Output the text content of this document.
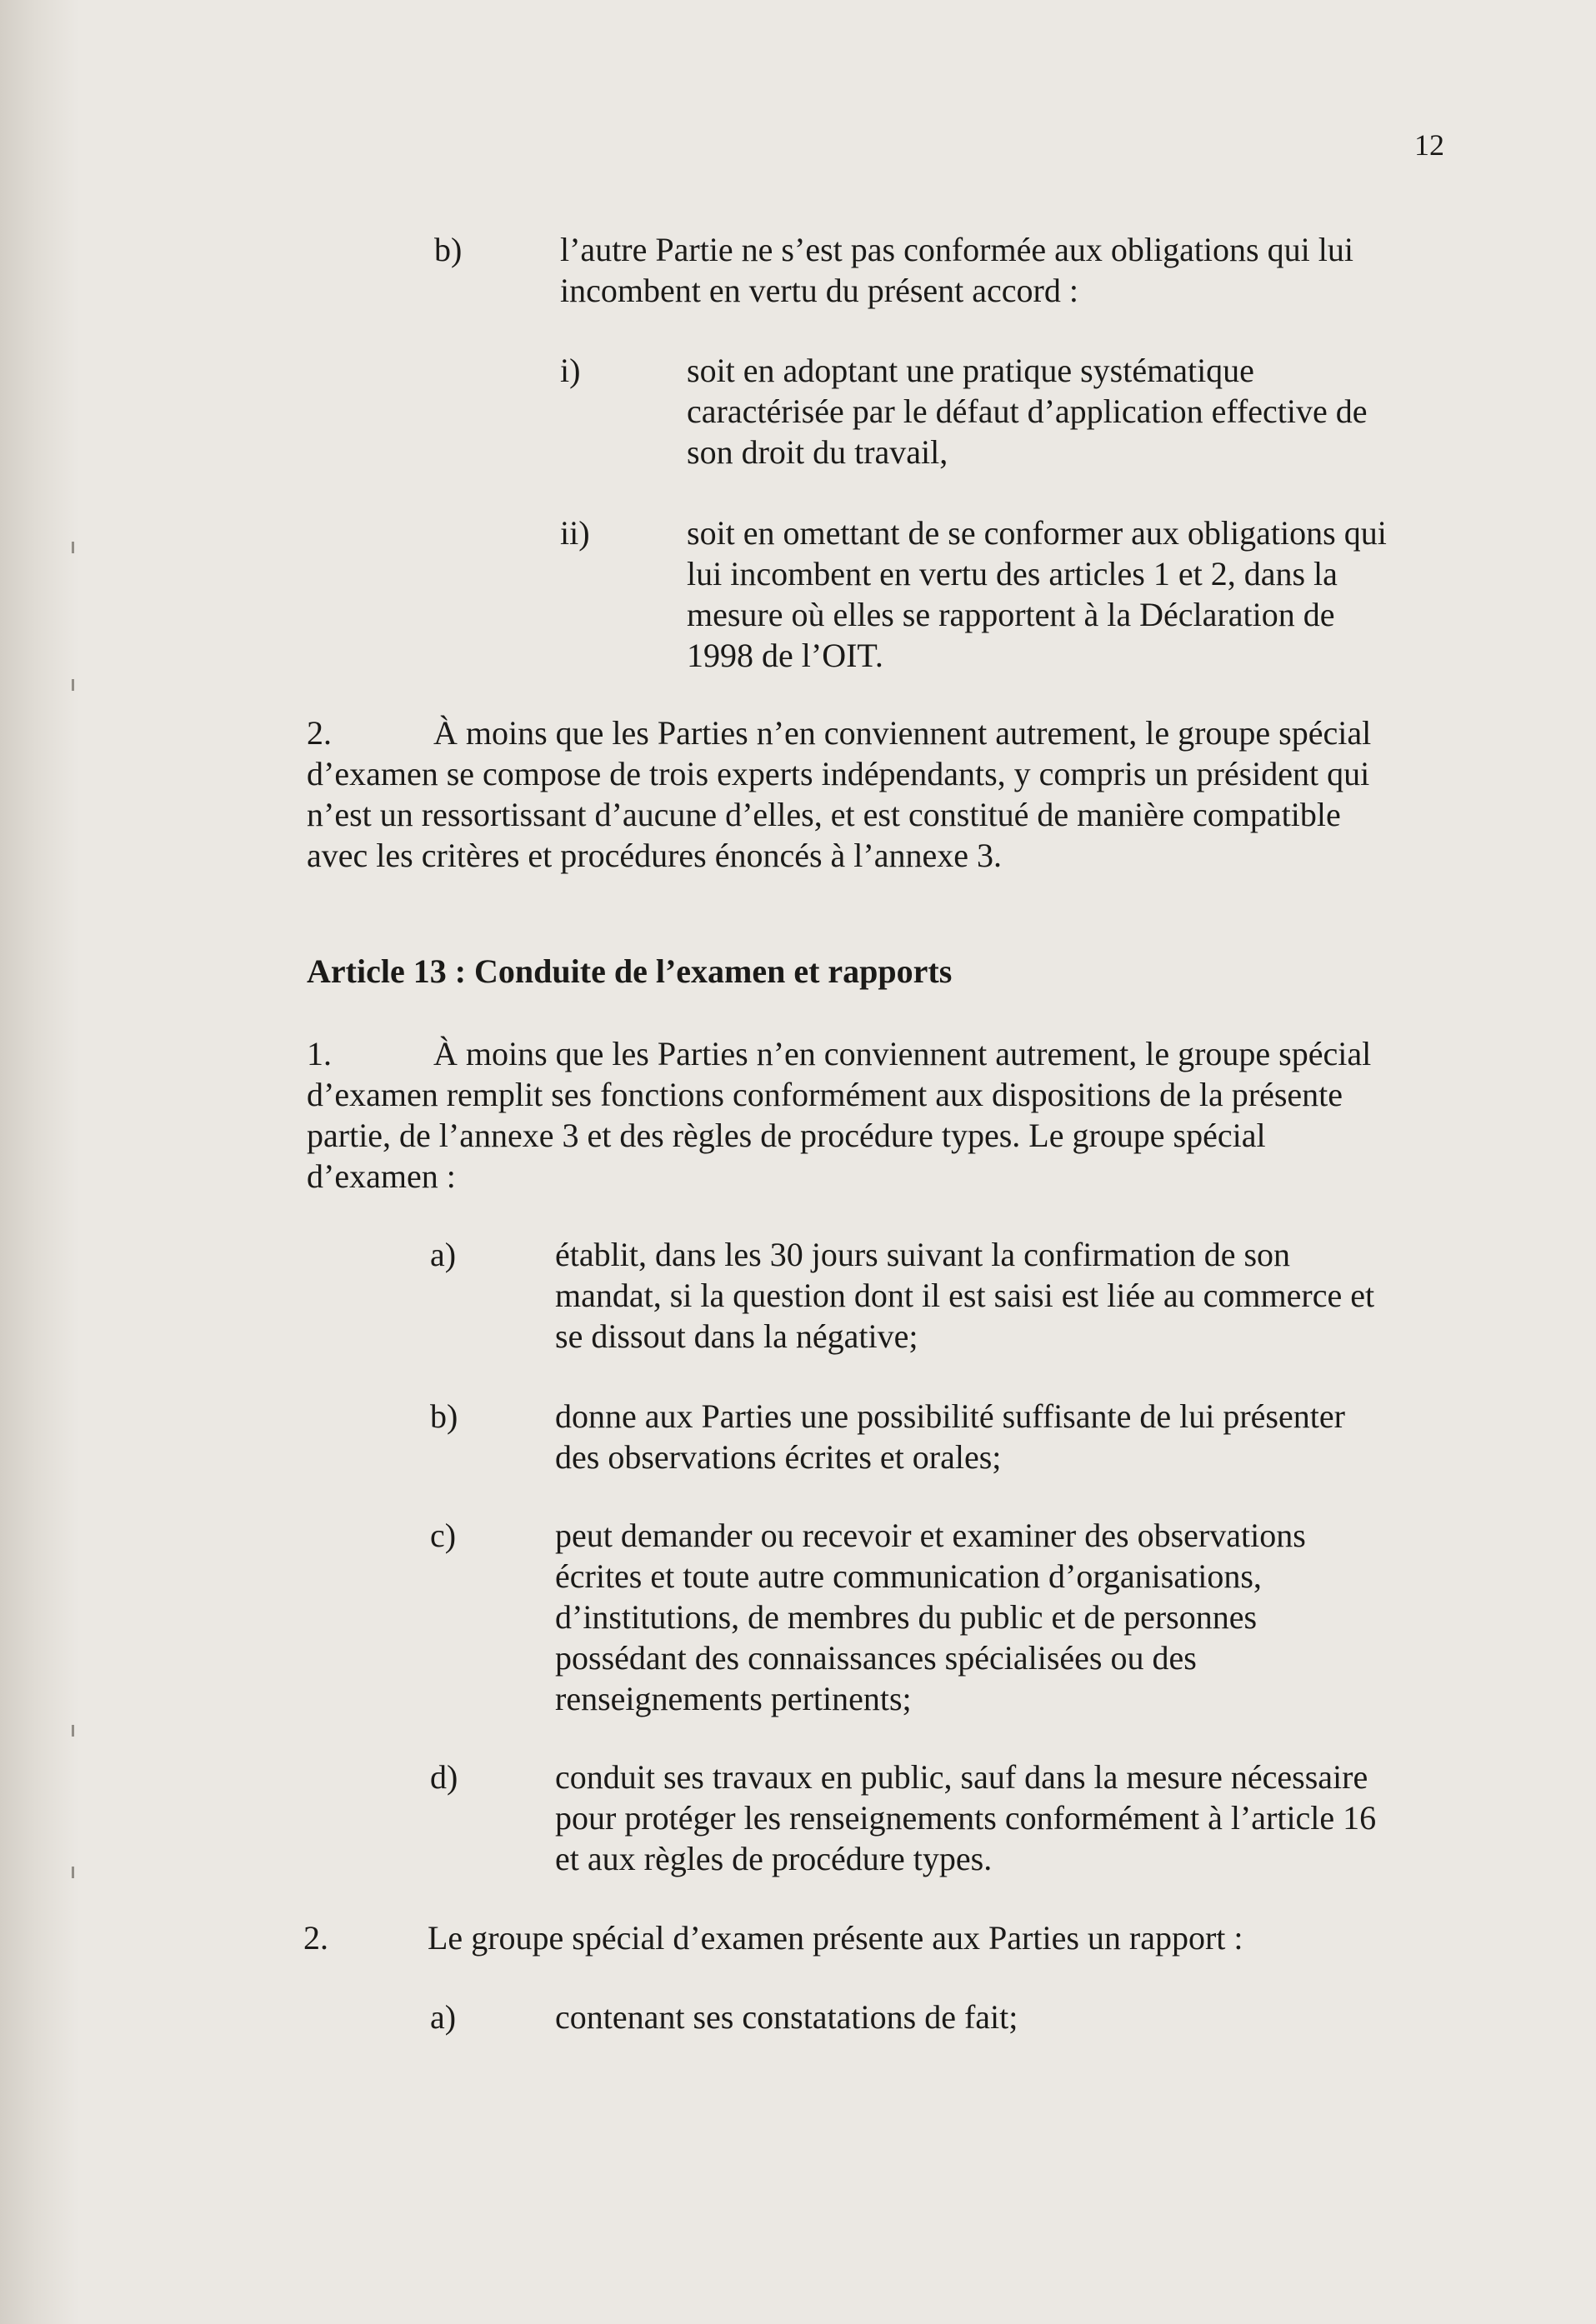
12

b)	l’autre Partie ne s’est pas conformée aux obligations qui lui

incombent en vertu du présent accord :

i)	soit en adoptant une pratique systématique

caractérisée par le défaut d’application effective de

son droit du travail,

ii)	soit en omettant de se conformer aux obligations qui

lui incombent en vertu des articles 1 et 2, dans la

mesure où elles se rapportent à la Déclaration de

1998 de l’OIT.

2.	À moins que les Parties n’en conviennent autrement, le groupe spécial

d’examen se compose de trois experts indépendants, y compris un président qui

n’est un ressortissant d’aucune d’elles, et est constitué de manière compatible

avec les critères et procédures énoncés à l’annexe 3.

Article 13 : Conduite de l’examen et rapports

1.	À moins que les Parties n’en conviennent autrement, le groupe spécial

d’examen remplit ses fonctions conformément aux dispositions de la présente

partie, de l’annexe 3 et des règles de procédure types. Le groupe spécial

d’examen :

a)	établit, dans les 30 jours suivant la confirmation de son

mandat, si la question dont il est saisi est liée au commerce et

se dissout dans la négative;

b)	donne aux Parties une possibilité suffisante de lui présenter

des observations écrites et orales;

c)	peut demander ou recevoir et examiner des observations

écrites et toute autre communication d’organisations,

d’institutions, de membres du public et de personnes

possédant des connaissances spécialisées ou des

renseignements pertinents;

d)	conduit ses travaux en public, sauf dans la mesure nécessaire

pour protéger les renseignements conformément à l’article 16

et aux règles de procédure types.

2.	Le groupe spécial d’examen présente aux Parties un rapport :

a)	contenant ses constatations de fait;
